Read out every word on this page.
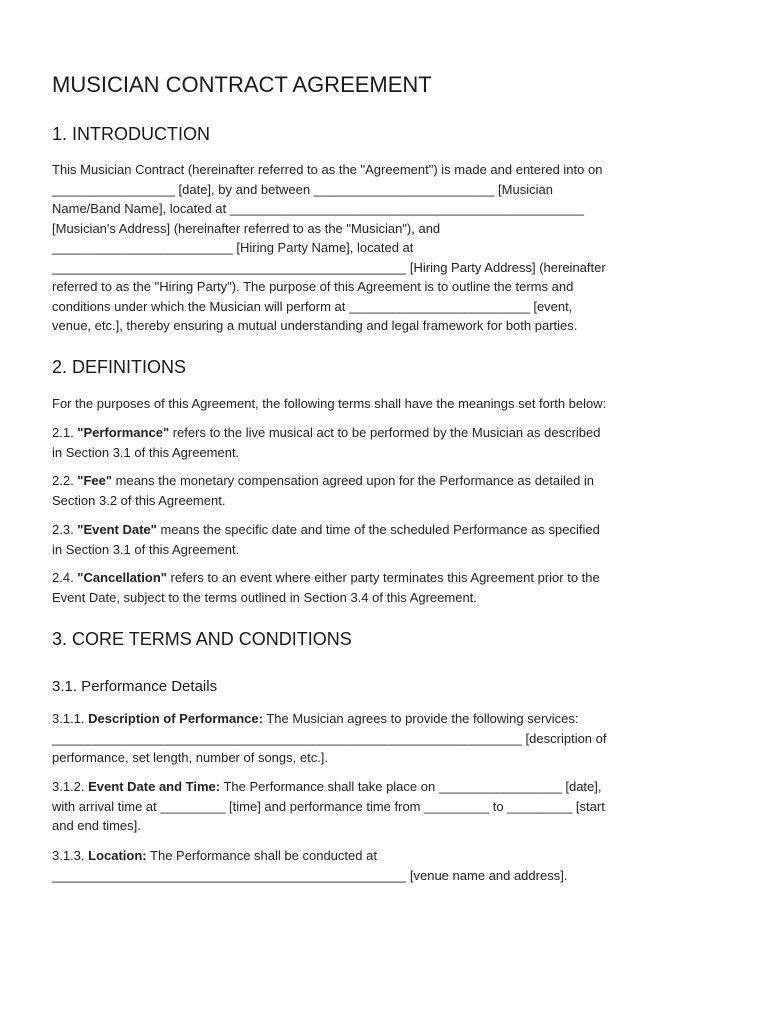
MUSICIAN CONTRACT AGREEMENT
1. INTRODUCTION

This Musician Contract (hereinafter referred to as the "Agreement") is made and entered into on
_________________ [date], by and between _________________________ [Musician
Name/Band Name], located at _________________________________________________
[Musician's Address] (hereinafter referred to as the "Musician"), and
_________________________ [Hiring Party Name], located at
_________________________________________________ [Hiring Party Address] (hereinafter
referred to as the "Hiring Party"). The purpose of this Agreement is to outline the terms and
conditions under which the Musician will perform at _________________________ [event,
venue, etc.], thereby ensuring a mutual understanding and legal framework for both parties.

2. DEFINITIONS

For the purposes of this Agreement, the following terms shall have the meanings set forth below:

2.1. "Performance" refers to the live musical act to be performed by the Musician as described
in Section 3.1 of this Agreement.

2.2. "Fee" means the monetary compensation agreed upon for the Performance as detailed in
Section 3.2 of this Agreement.

2.3. "Event Date" means the specific date and time of the scheduled Performance as specified
in Section 3.1 of this Agreement.

2.4. "Cancellation" refers to an event where either party terminates this Agreement prior to the
Event Date, subject to the terms outlined in Section 3.4 of this Agreement.

3. CORE TERMS AND CONDITIONS
3.1. Performance Details

3.1.1. Description of Performance: The Musician agrees to provide the following services:
_________________________________________________________________ [description of
performance, set length, number of songs, etc.].

3.1.2. Event Date and Time: The Performance shall take place on _________________ [date],
with arrival time at _________ [time] and performance time from _________ to _________ [start
and end times].

3.1.3. Location: The Performance shall be conducted at
_________________________________________________ [venue name and address].
